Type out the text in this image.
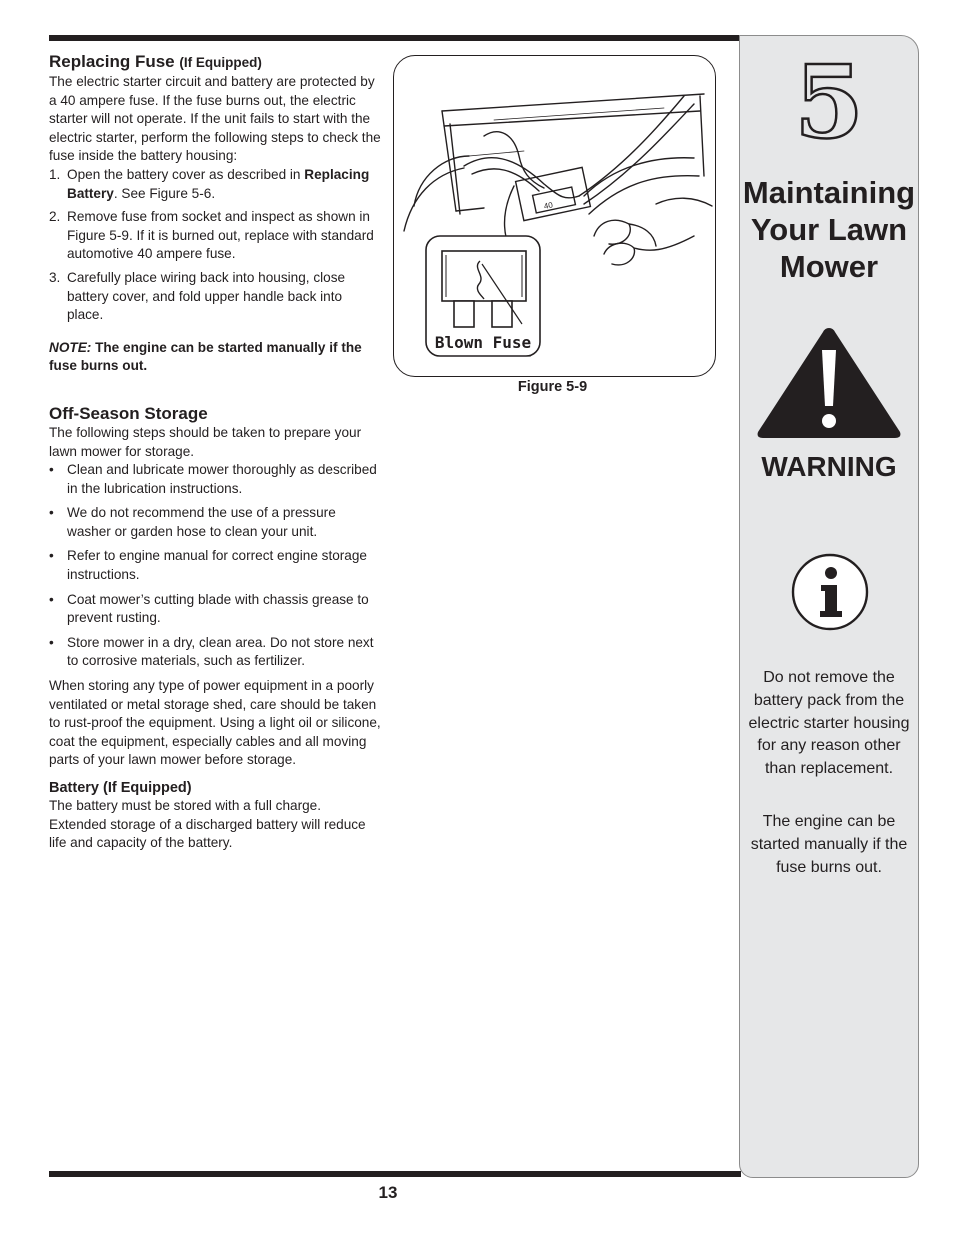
Replacing Fuse (If Equipped)

The electric starter circuit and battery are protected by a 40 ampere fuse. If the fuse burns out, the electric starter will not operate. If the unit fails to start with the electric starter, perform the following steps to check the fuse inside the battery housing:

1. Open the battery cover as described in Replacing Battery. See Figure 5-6.
2. Remove fuse from socket and inspect as shown in Figure 5-9. If it is burned out, replace with standard automotive 40 ampere fuse.
3. Carefully place wiring back into housing, close battery cover, and fold upper handle back into place.

NOTE: The engine can be started manually if the fuse burns out.

Off-Season Storage

The following steps should be taken to prepare your lawn mower for storage.

• Clean and lubricate mower thoroughly as described in the lubrication instructions.
• We do not recommend the use of a pressure washer or garden hose to clean your unit.
• Refer to engine manual for correct engine storage instructions.
• Coat mower’s cutting blade with chassis grease to prevent rusting.
• Store mower in a dry, clean area. Do not store next to corrosive materials, such as fertilizer.

When storing any type of power equipment in a poorly ventilated or metal storage shed, care should be taken to rust-proof the equipment. Using a light oil or silicone, coat the equipment, especially cables and all moving parts of your lawn mower before storage.

Battery (If Equipped)

The battery must be stored with a full charge. Extended storage of a discharged battery will reduce life and capacity of the battery.

40
Blown Fuse
Figure 5-9
5
Maintaining
Your Lawn
Mower
WARNING
Do not remove the battery pack from the electric starter housing for any reason other than replacement.
The engine can be started manually if the fuse burns out.
13
